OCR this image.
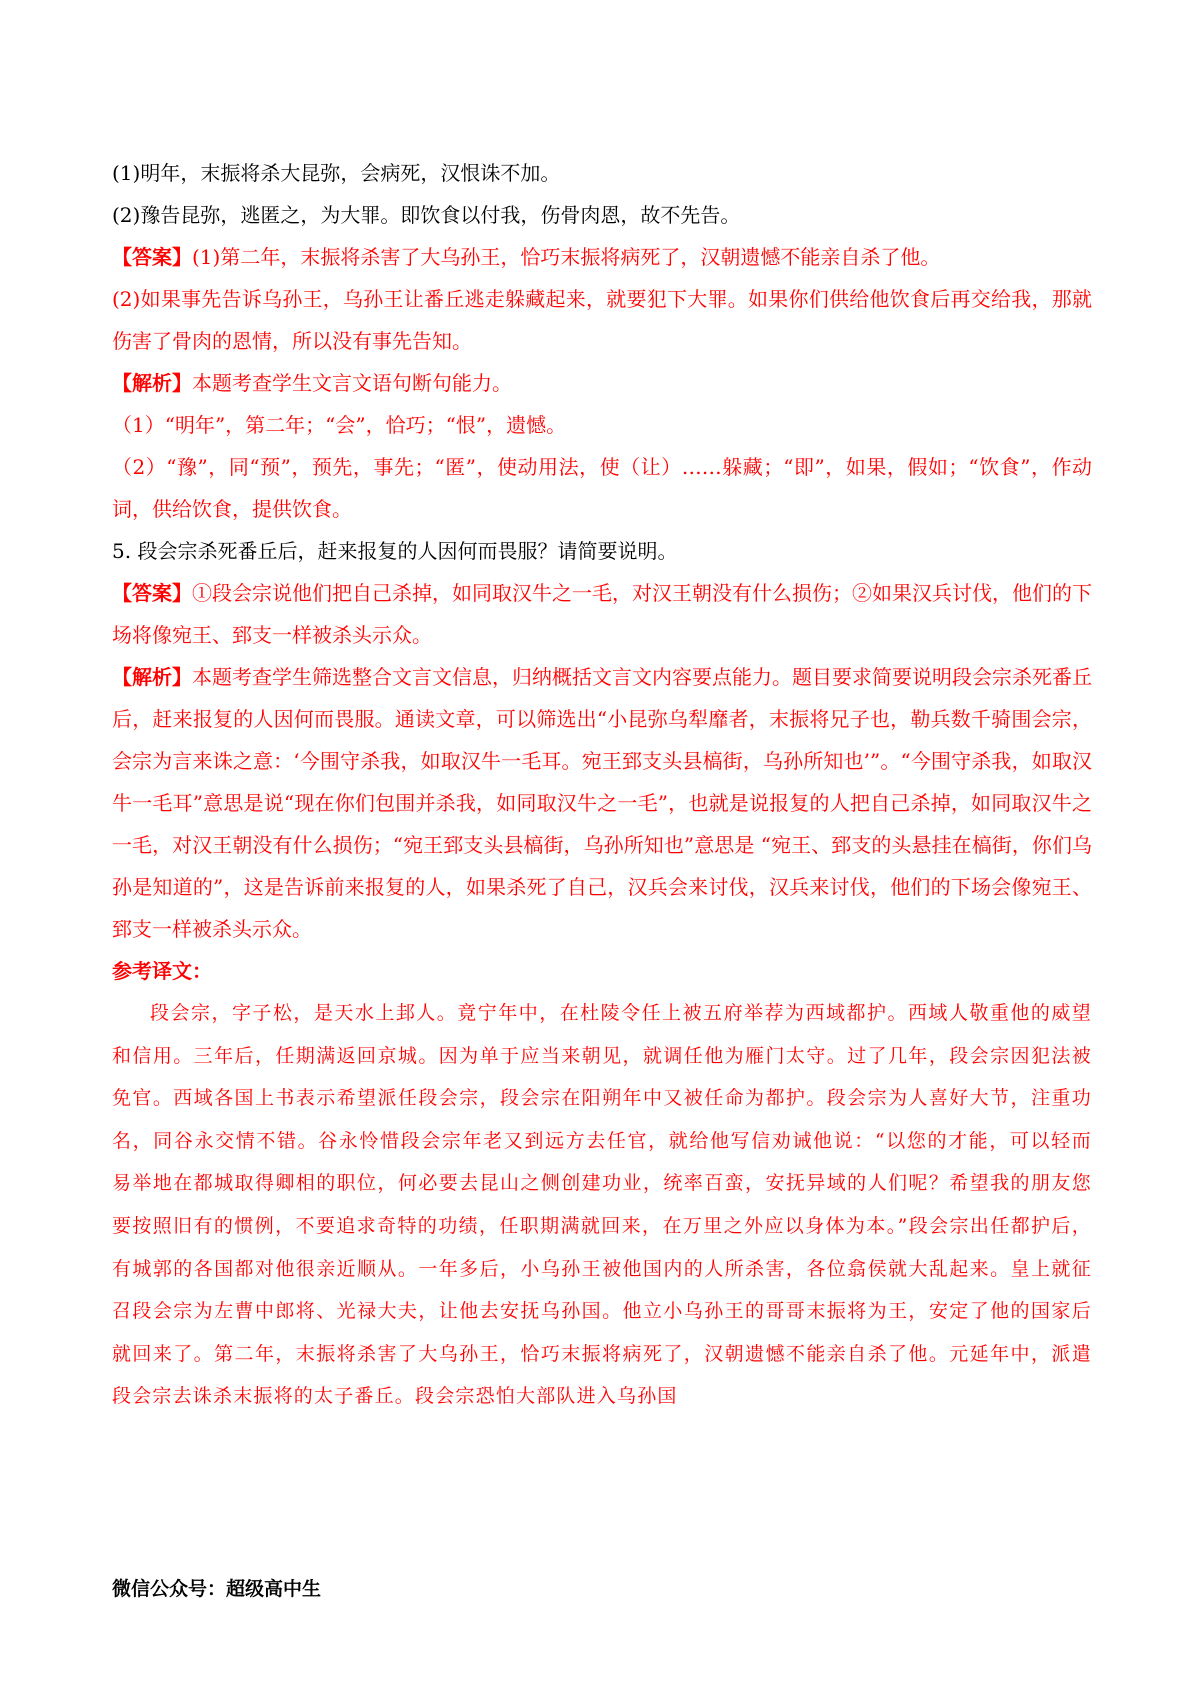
(1)明年，末振将杀大昆弥，会病死，汉恨诛不加。

(2)豫告昆弥，逃匿之，为大罪。即饮食以付我，伤骨肉恩，故不先告。

【答案】(1)第二年，末振将杀害了大乌孙王，恰巧末振将病死了，汉朝遗憾不能亲自杀了他。

(2)如果事先告诉乌孙王，乌孙王让番丘逃走躲藏起来，就要犯下大罪。如果你们供给他饮食后再交给我，那就伤害了骨肉的恩情，所以没有事先告知。

【解析】本题考查学生文言文语句断句能力。

（1）“明年”，第二年；“会”，恰巧；“恨”，遗憾。

（2）“豫”，同“预”，预先，事先；“匿”，使动用法，使（让）……躲藏；“即”，如果，假如；“饮食”，作动词，供给饮食，提供饮食。

5. 段会宗杀死番丘后，赶来报复的人因何而畏服？请简要说明。

【答案】①段会宗说他们把自己杀掉，如同取汉牛之一毛，对汉王朝没有什么损伤；②如果汉兵讨伐，他们的下场将像宛王、郅支一样被杀头示众。

【解析】本题考查学生筛选整合文言文信息，归纳概括文言文内容要点能力。题目要求简要说明段会宗杀死番丘后，赶来报复的人因何而畏服。通读文章，可以筛选出“小昆弥乌犁靡者，末振将兄子也，勒兵数千骑围会宗，会宗为言来诛之意：‘今围守杀我，如取汉牛一毛耳。宛王郅支头县槁街，乌孙所知也’”。“今围守杀我，如取汉牛一毛耳”意思是说“现在你们包围并杀我，如同取汉牛之一毛”，也就是说报复的人把自己杀掉，如同取汉牛之一毛，对汉王朝没有什么损伤；“宛王郅支头县槁街，乌孙所知也”意思是 “宛王、郅支的头悬挂在槁街，你们乌孙是知道的”，这是告诉前来报复的人，如果杀死了自己，汉兵会来讨伐，汉兵来讨伐，他们的下场会像宛王、郅支一样被杀头示众。

参考译文：

段会宗，字子松，是天水上邽人。竟宁年中，在杜陵令任上被五府举荐为西域都护。西域人敬重他的威望和信用。三年后，任期满返回京城。因为单于应当来朝见，就调任他为雁门太守。过了几年，段会宗因犯法被免官。西域各国上书表示希望派任段会宗，段会宗在阳朔年中又被任命为都护。段会宗为人喜好大节，注重功名，同谷永交情不错。谷永怜惜段会宗年老又到远方去任官，就给他写信劝诫他说：“以您的才能，可以轻而易举地在都城取得卿相的职位，何必要去昆山之侧创建功业，统率百蛮，安抚异域的人们呢？希望我的朋友您要按照旧有的惯例，不要追求奇特的功绩，任职期满就回来，在万里之外应以身体为本。”段会宗出任都护后，有城郭的各国都对他很亲近顺从。一年多后，小乌孙王被他国内的人所杀害，各位翕侯就大乱起来。皇上就征召段会宗为左曹中郎将、光禄大夫，让他去安抚乌孙国。他立小乌孙王的哥哥末振将为王，安定了他的国家后就回来了。第二年，末振将杀害了大乌孙王，恰巧末振将病死了，汉朝遗憾不能亲自杀了他。元延年中，派遣段会宗去诛杀末振将的太子番丘。段会宗恐怕大部队进入乌孙国

微信公众号：超级高中生
